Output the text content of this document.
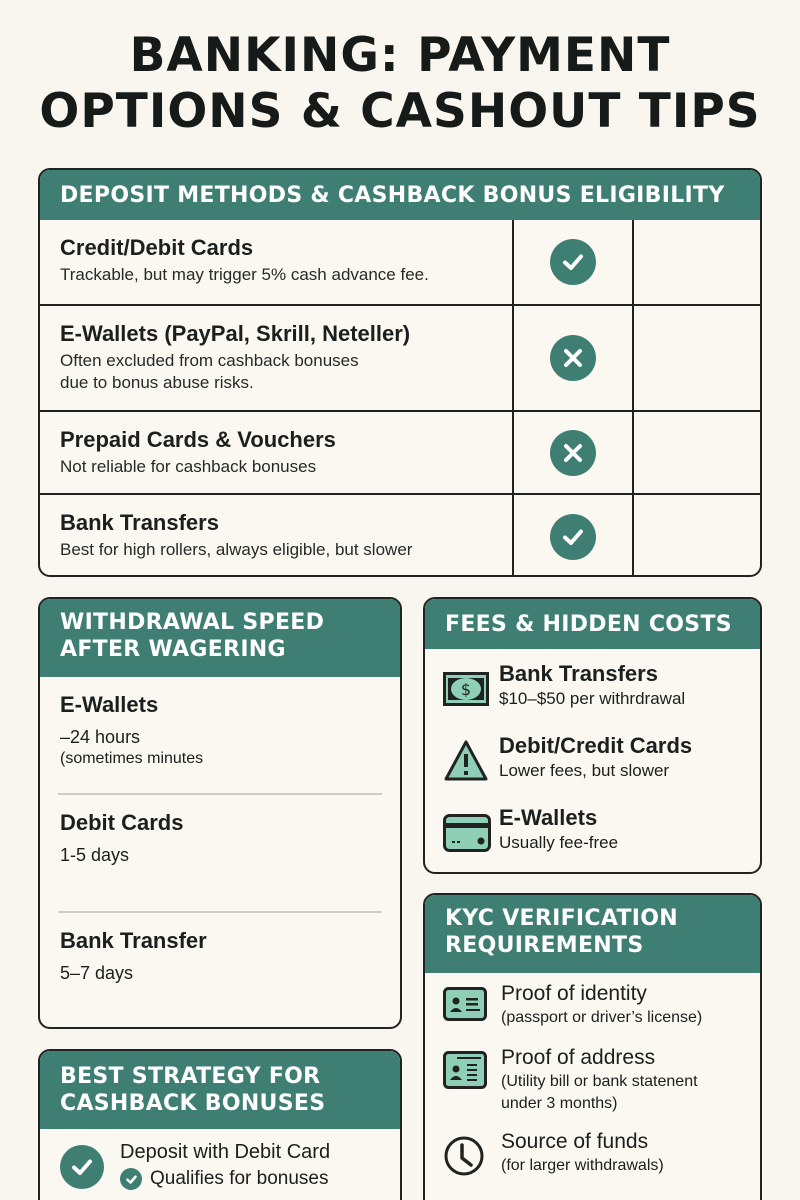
BANKING: PAYMENT
OPTIONS & CASHOUT TIPS
DEPOSIT METHODS & CASHBACK BONUS ELIGIBILITY
Credit/Debit Cards
Trackable, but may trigger 5% cash advance fee.
E-Wallets (PayPal, Skrill, Neteller)
Often excluded from cashback bonuses
due to bonus abuse risks.
Prepaid Cards & Vouchers
Not reliable for cashback bonuses
Bank Transfers
Best for high rollers, always eligible, but slower
WITHDRAWAL SPEED
AFTER WAGERING
E-Wallets
–24 hours
(sometimes minutes
Debit Cards
1-5 days
Bank Transfer
5–7 days
FEES & HIDDEN COSTS
$
Bank Transfers
$10–$50 per withrdrawal
Debit/Credit Cards
Lower fees, but slower
E-Wallets
Usually fee-free
KYC VERIFICATION
REQUIREMENTS
Proof of identity
(passport or driver’s license)
Proof of address
(Utility bill or bank statenent
under 3 months)
Source of funds
(for larger withdrawals)
BEST STRATEGY FOR
CASHBACK BONUSES
Deposit with Debit Card
Qualifies for bonuses
